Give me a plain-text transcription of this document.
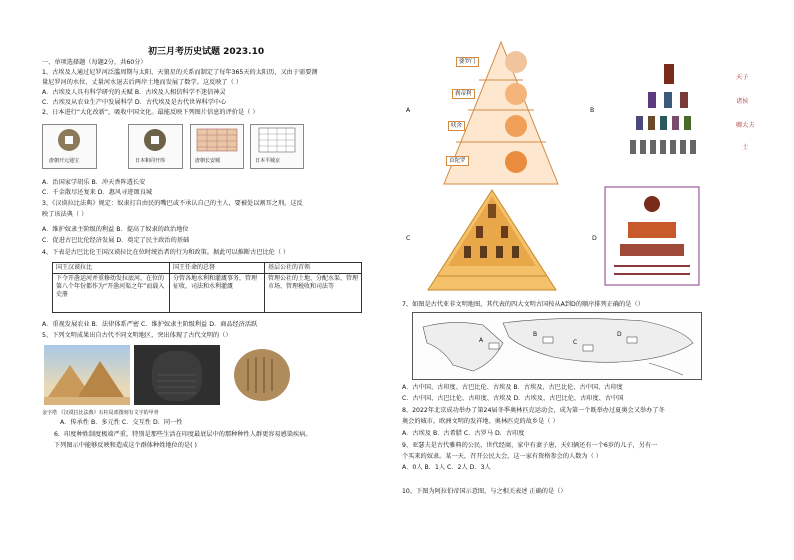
初三月考历史试题 2023.10
一、单项选择题（每题2分，共60分）
1、古埃及人通过尼罗河泛滥周期与太阳、天狼星的关系而制定了每年365天的太阳历，又由于需要测
量尼罗河的水位、丈量河水退去后两岸土地而发展了数学。这反映了（ ）
A．古埃及人具有科学研究的天赋 B．古埃及人相信科学不迷信神灵
C．古埃及从农业生产中发展科学 D．古代埃及是古代世界科学中心
2、日本进行“大化改新”，吸收中国文化。最能反映下列图片信息的评价是（ ）
唐朝开元通宝	日本和同开珎	唐朝长安城	日本平城京
A．治国家学胡乐 B．冲天香阵透长安
C．千金散尽还复来 D．惠风寻迹颂良城
3、《汉谟拉比法典》规定：奴隶打自由民的嘴巴或不承认自己的主人，要被处以割耳之刑。这反
映了该法典（ ）
A．维护奴隶主阶级的利益 B．提高了奴隶的政治地位
C．促进古巴比伦经济发展 D．奠定了民主政治的基础
4、下表是古巴比伦王国汉谟拉比在位时统治者的行为和政策。据此可以推断古巴比伦（ ）
国王汉谟拉比	国王任命的总督	基层公社的首领
下令开凿运河并重修幼发拉底河，在位的第八个年份都作为“开凿河渠之年”而载入史册	分管各地水利和灌溉事务，管理征收、司法和水利灌溉	管理公社的土地、分配水渠、管理市场、管理税收和司法等
A．重视发展农业 B．法律体系严密 C．维护奴隶主阶级利益 D．商品经济活跃
5、下列文明成果出自古代不同文明地区，突出体现了古代文明的（）
金字塔 《汉谟拉比法典》石柱局部图刻有文字的甲骨
A．传承性 B．多元性 C．交互性 D．同一性
6．印度种姓制度极端严重，特别是那些生活在印度最底层中的那种种性人群更容易感染疾病。
下列图示中能够反映和造成这个群体种姓地位的是( )
A
婆罗门
刹帝利
吠舍
首陀罗
B
天子
诸侯
卿大夫
士
C	D
7、如图是古代亚非文明地图，其代表的四大文明古国按从A到D的顺序排列正确的是（）
A
B
C
D
A．古中国、古印度、古巴比伦、古埃及 B．古埃及、古巴比伦、古中国、古印度
C．古中国、古巴比伦、古印度、古埃及 D．古埃及、古巴比伦、古印度、古中国
8、2022年北京成功举办了第24届冬季奥林匹克运动会，成为第一个既举办过夏奥会又举办了冬
奥会的城市。欧洲文明的发祥地、奥林匹克的故乡是（ ）
A．古埃及 B．古希腊 C．古罗马 D．古印度
9、亚瑟夫是古代雅典的公民，世代经商，家中有妻子唐，天妇俩还有一个6岁的儿子，另有一
个买来的奴隶。某一天，召开公民大会，这一家有资格参会的人数为（ ）
A．0人 B．1人 C．2人 D．3人
10、下图为阿拉伯帝国示意图，与之相关表述 正确的是（）
